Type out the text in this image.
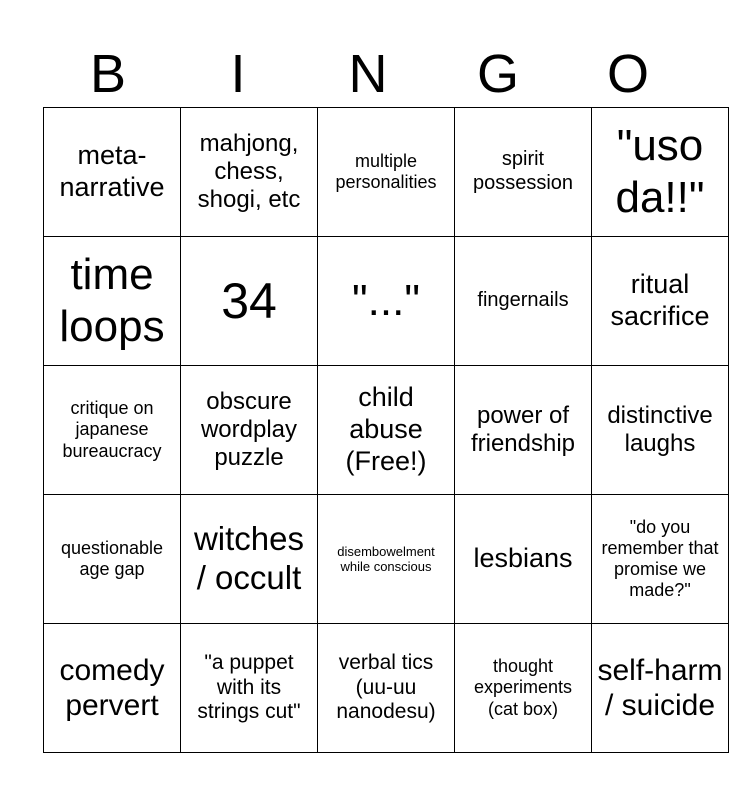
B	I	N	G	O
meta-narrative	mahjong, chess, shogi, etc	multiple personalities	spirit possession	"uso da!!"
time loops	34	"..."	fingernails	ritual sacrifice
critique on japanese bureaucracy	obscure wordplay puzzle	child abuse (Free!)	power of friendship	distinctive laughs
questionable age gap	witches / occult	disembowelment while conscious	lesbians	"do you remember that promise we made?"
comedy pervert	"a puppet with its strings cut"	verbal tics (uu-uu nanodesu)	thought experiments (cat box)	self-harm / suicide
